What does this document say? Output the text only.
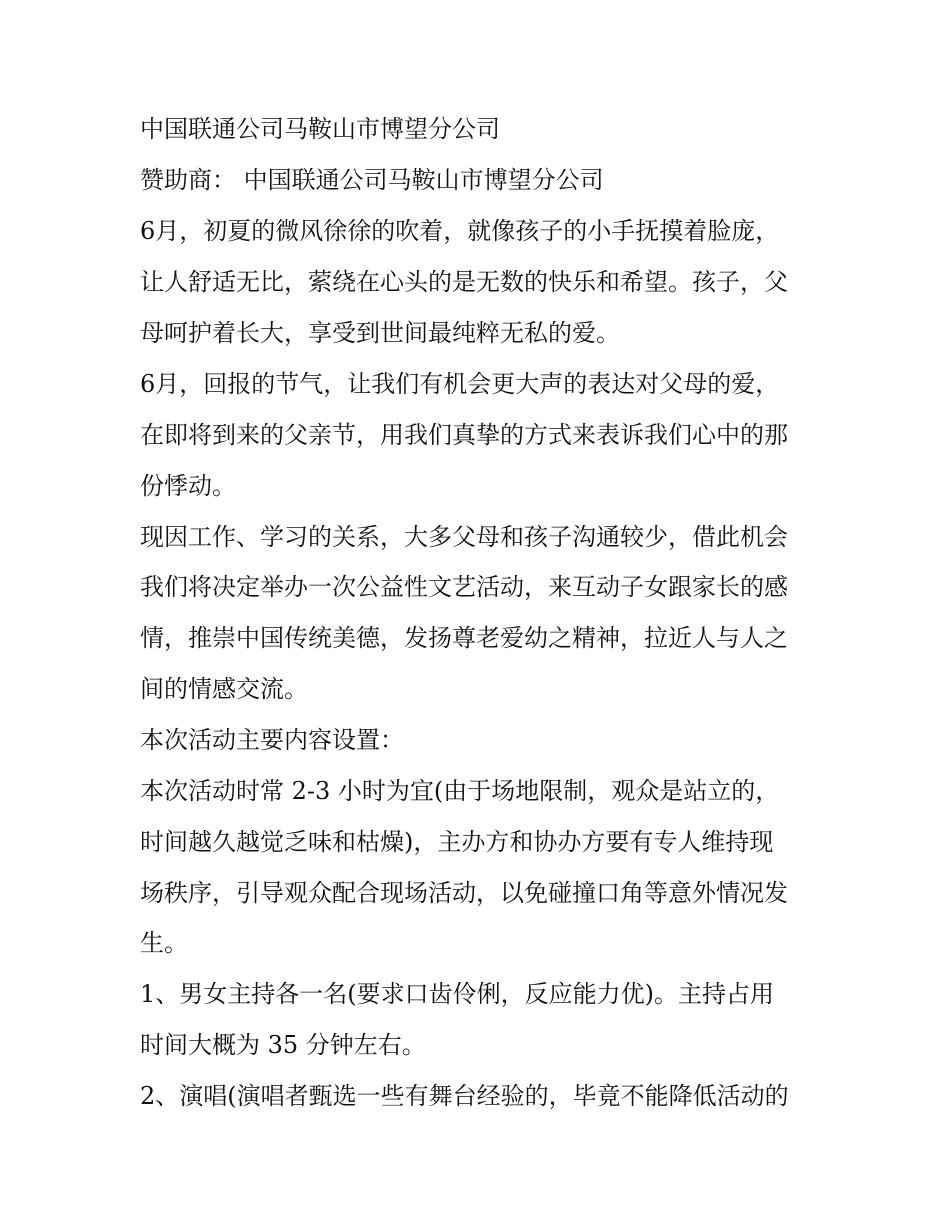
中国联通公司马鞍山市博望分公司

赞助商： 中国联通公司马鞍山市博望分公司

6月，初夏的微风徐徐的吹着，就像孩子的小手抚摸着脸庞，

让人舒适无比，萦绕在心头的是无数的快乐和希望。孩子，父

母呵护着长大，享受到世间最纯粹无私的爱。

6月，回报的节气，让我们有机会更大声的表达对父母的爱，

在即将到来的父亲节，用我们真挚的方式来表诉我们心中的那

份悸动。

现因工作、学习的关系，大多父母和孩子沟通较少，借此机会

我们将决定举办一次公益性文艺活动，来互动子女跟家长的感

情，推崇中国传统美德，发扬尊老爱幼之精神，拉近人与人之

间的情感交流。

本次活动主要内容设置：

本次活动时常 2-3 小时为宜(由于场地限制，观众是站立的，

时间越久越觉乏味和枯燥)，主办方和协办方要有专人维持现

场秩序，引导观众配合现场活动，以免碰撞口角等意外情况发

生。

1、男女主持各一名(要求口齿伶俐，反应能力优)。主持占用

时间大概为 35 分钟左右。

2、演唱(演唱者甄选一些有舞台经验的，毕竟不能降低活动的
